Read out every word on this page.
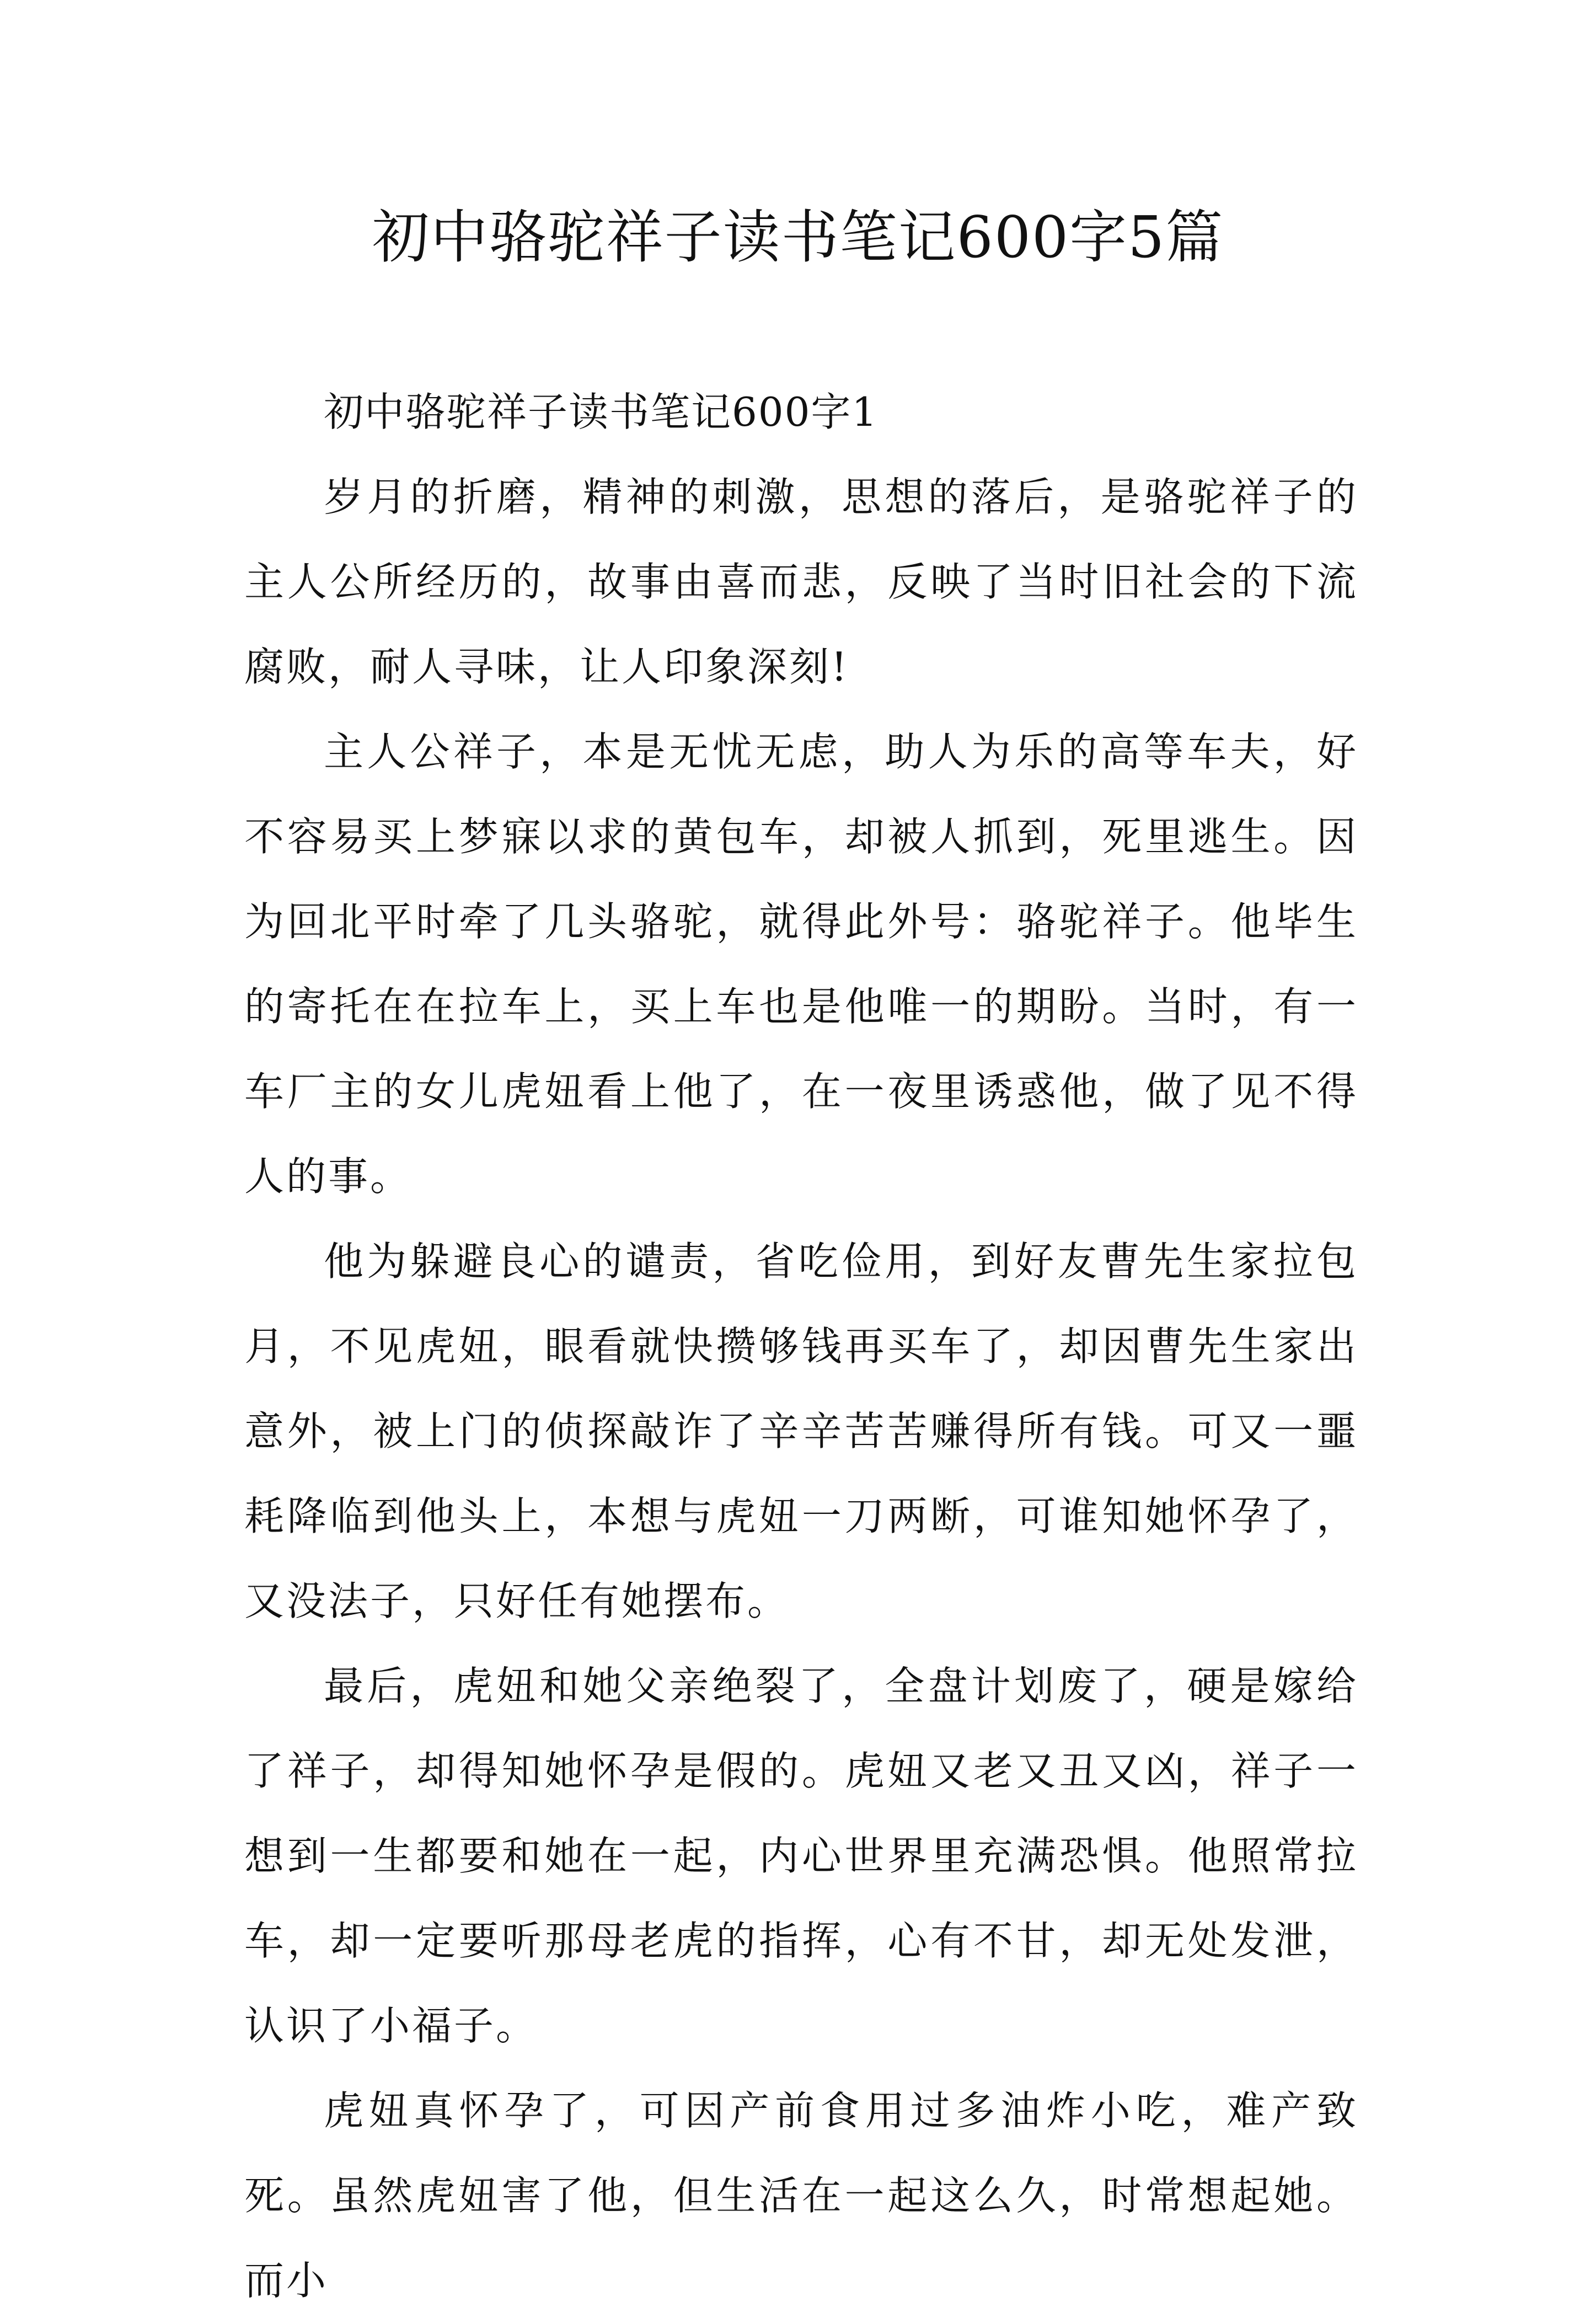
初中骆驼祥子读书笔记600字5篇

初中骆驼祥子读书笔记600字1

岁月的折磨，精神的刺激，思想的落后，是骆驼祥子的主人公所经历的，故事由喜而悲，反映了当时旧社会的下流腐败，耐人寻味，让人印象深刻!

主人公祥子，本是无忧无虑，助人为乐的高等车夫，好不容易买上梦寐以求的黄包车，却被人抓到，死里逃生。因为回北平时牵了几头骆驼，就得此外号：骆驼祥子。他毕生的寄托在在拉车上，买上车也是他唯一的期盼。当时，有一车厂主的女儿虎妞看上他了，在一夜里诱惑他，做了见不得人的事。

他为躲避良心的谴责，省吃俭用，到好友曹先生家拉包月，不见虎妞，眼看就快攒够钱再买车了，却因曹先生家出意外，被上门的侦探敲诈了辛辛苦苦赚得所有钱。可又一噩耗降临到他头上，本想与虎妞一刀两断，可谁知她怀孕了，又没法子，只好任有她摆布。

最后，虎妞和她父亲绝裂了，全盘计划废了，硬是嫁给了祥子，却得知她怀孕是假的。虎妞又老又丑又凶，祥子一想到一生都要和她在一起，内心世界里充满恐惧。他照常拉车，却一定要听那母老虎的指挥，心有不甘，却无处发泄，认识了小福子。

虎妞真怀孕了，可因产前食用过多油炸小吃，难产致死。虽然虎妞害了他，但生活在一起这么久，时常想起她。而小
